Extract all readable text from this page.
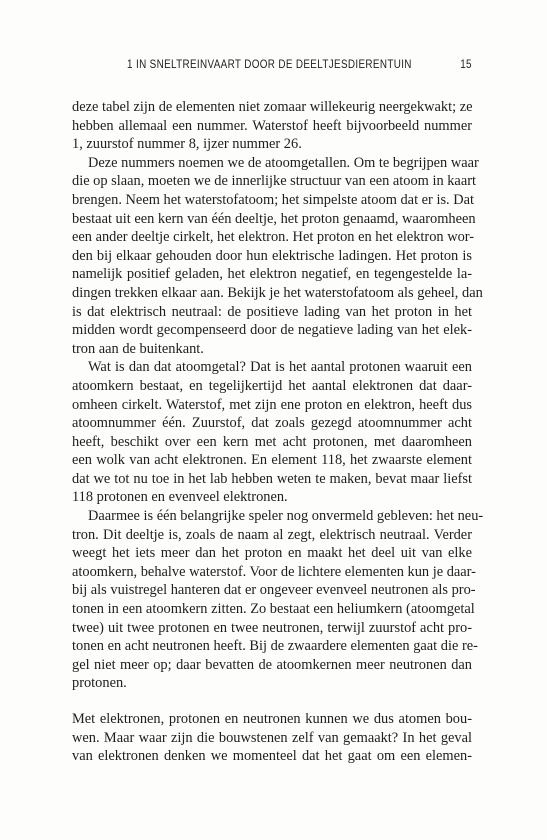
1 IN SNELTREINVAART DOOR DE DEELTJESDIERENTUIN	15
deze tabel zijn de elementen niet zomaar willekeurig neergekwakt; ze
hebben allemaal een nummer. Waterstof heeft bijvoorbeeld nummer
1, zuurstof nummer 8, ijzer nummer 26.
Deze nummers noemen we de atoomgetallen. Om te begrijpen waar
die op slaan, moeten we de innerlijke structuur van een atoom in kaart
brengen. Neem het waterstofatoom; het simpelste atoom dat er is. Dat
bestaat uit een kern van één deeltje, het proton genaamd, waaromheen
een ander deeltje cirkelt, het elektron. Het proton en het elektron wor-
den bij elkaar gehouden door hun elektrische ladingen. Het proton is
namelijk positief geladen, het elektron negatief, en tegengestelde la-
dingen trekken elkaar aan. Bekijk je het waterstofatoom als geheel, dan
is dat elektrisch neutraal: de positieve lading van het proton in het
midden wordt gecompenseerd door de negatieve lading van het elek-
tron aan de buitenkant.
Wat is dan dat atoomgetal? Dat is het aantal protonen waaruit een
atoomkern bestaat, en tegelijkertijd het aantal elektronen dat daar-
omheen cirkelt. Waterstof, met zijn ene proton en elektron, heeft dus
atoomnummer één. Zuurstof, dat zoals gezegd atoomnummer acht
heeft, beschikt over een kern met acht protonen, met daaromheen
een wolk van acht elektronen. En element 118, het zwaarste element
dat we tot nu toe in het lab hebben weten te maken, bevat maar liefst
118 protonen en evenveel elektronen.
Daarmee is één belangrijke speler nog onvermeld gebleven: het neu-
tron. Dit deeltje is, zoals de naam al zegt, elektrisch neutraal. Verder
weegt het iets meer dan het proton en maakt het deel uit van elke
atoomkern, behalve waterstof. Voor de lichtere elementen kun je daar-
bij als vuistregel hanteren dat er ongeveer evenveel neutronen als pro-
tonen in een atoomkern zitten. Zo bestaat een heliumkern (atoomgetal
twee) uit twee protonen en twee neutronen, terwijl zuurstof acht pro-
tonen en acht neutronen heeft. Bij de zwaardere elementen gaat die re-
gel niet meer op; daar bevatten de atoomkernen meer neutronen dan
protonen.
Met elektronen, protonen en neutronen kunnen we dus atomen bou-
wen. Maar waar zijn die bouwstenen zelf van gemaakt? In het geval
van elektronen denken we momenteel dat het gaat om een elemen-
